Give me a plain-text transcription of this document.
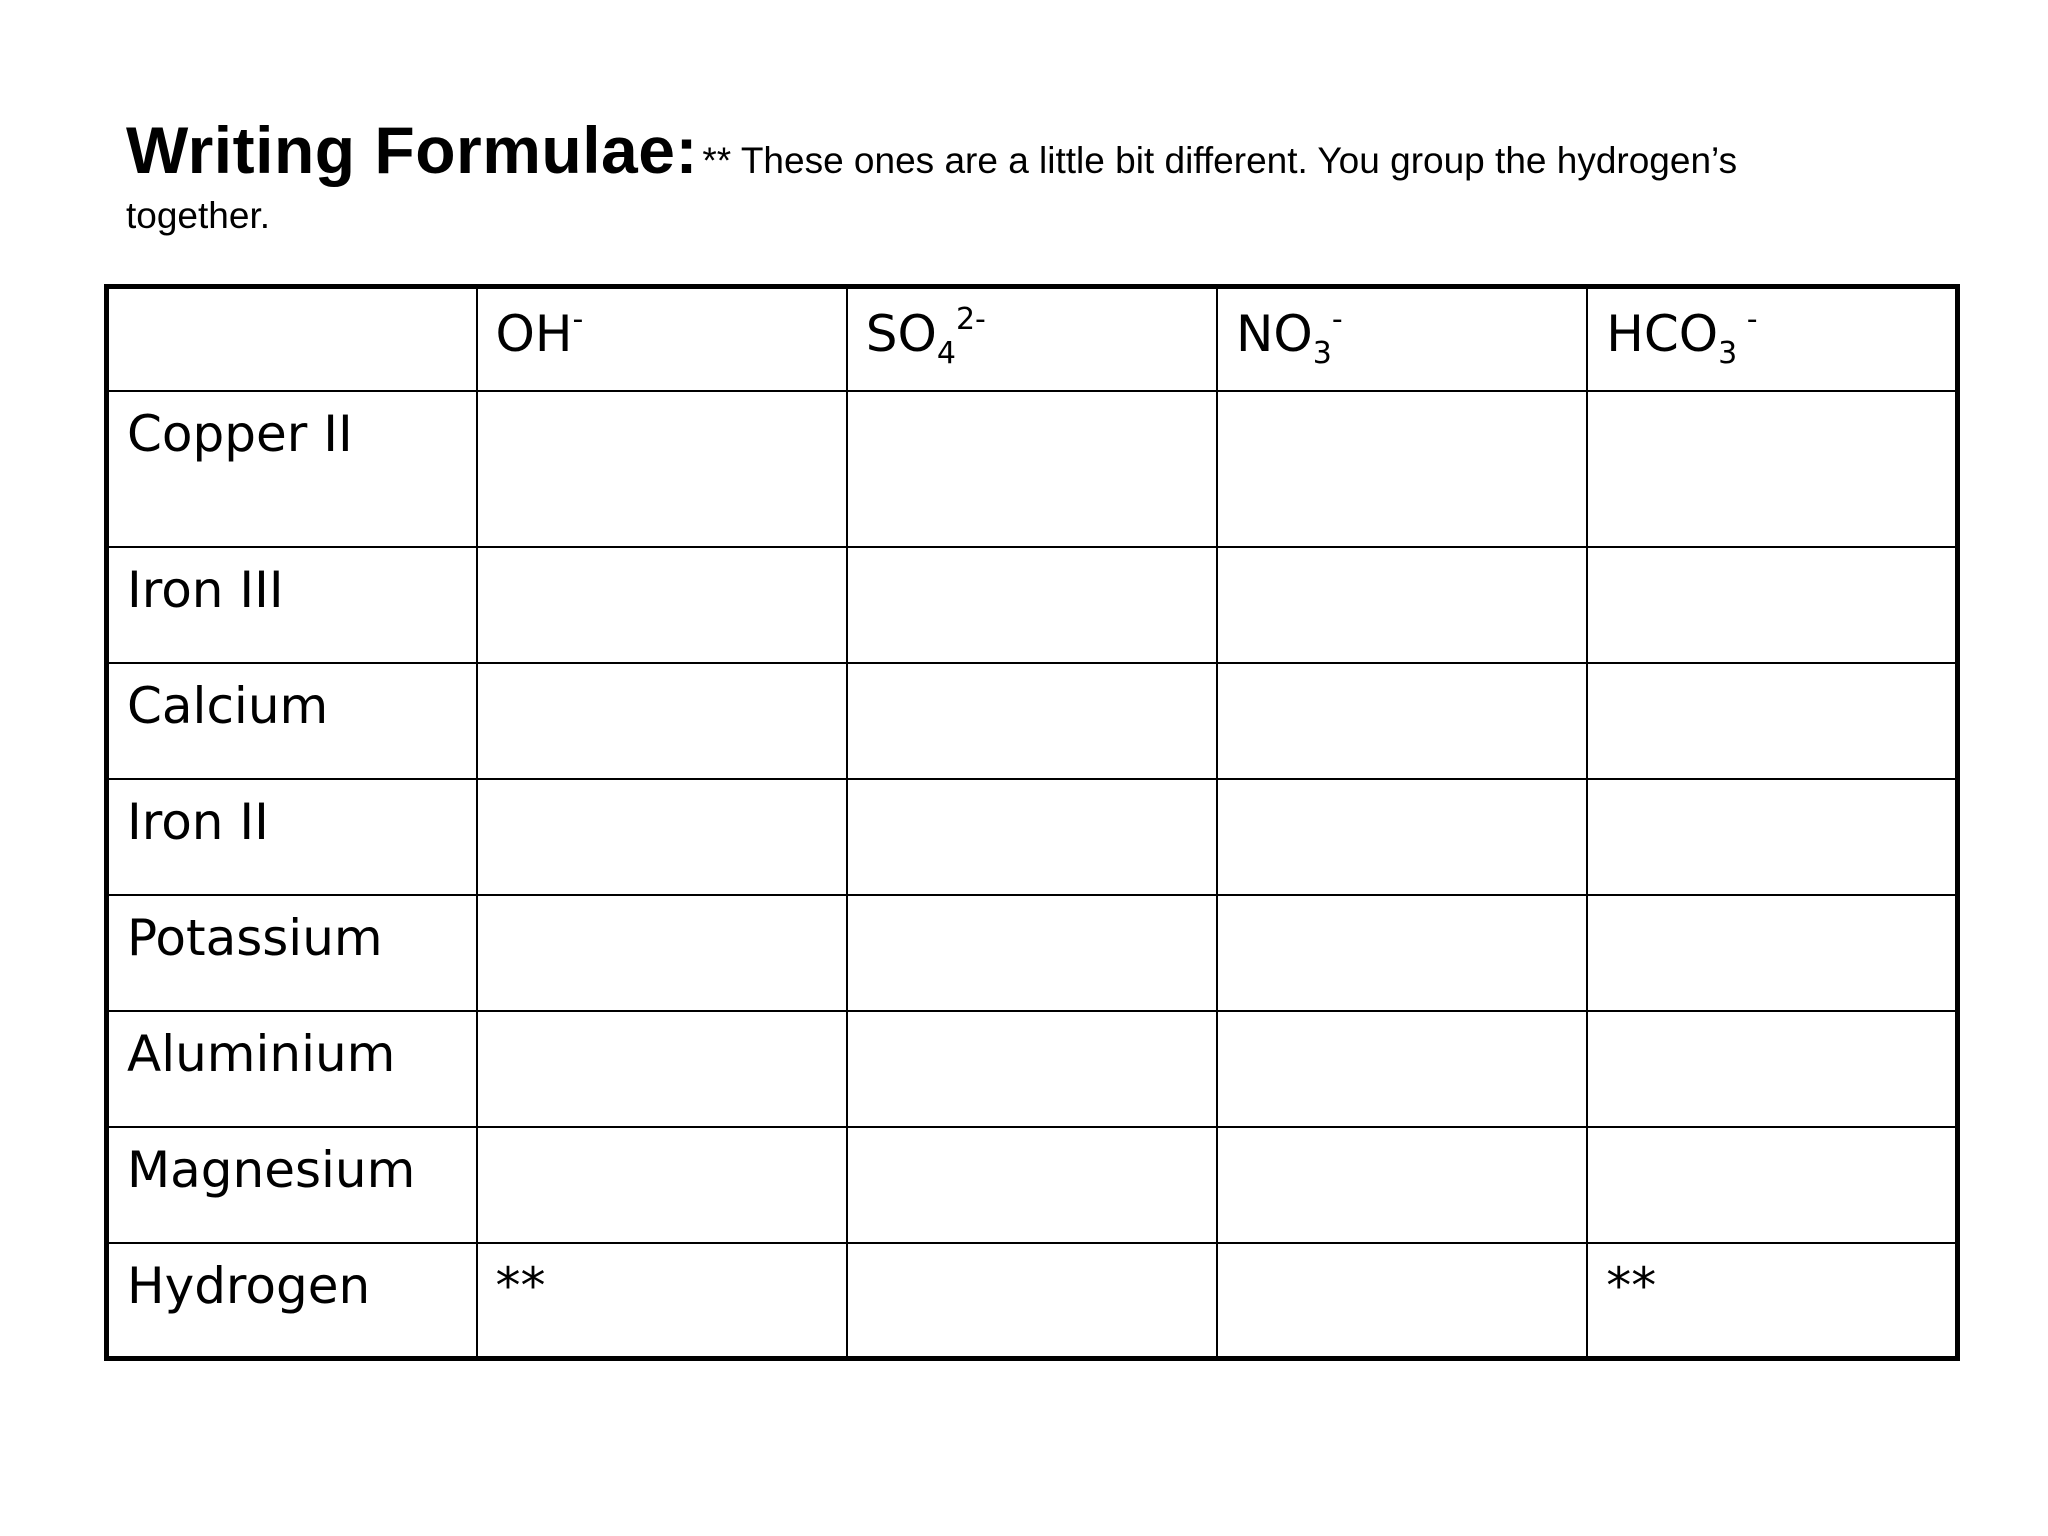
Writing Formulae: ** These ones are a little bit different. You group the hydrogen’s
together.
	OH-	$SO_4^{2-}$	$NO_3^-$	$HCO_3$ -
Copper II				
Iron III				
Calcium				
Iron II				
Potassium				
Aluminium				
Magnesium				
Hydrogen	**			**
